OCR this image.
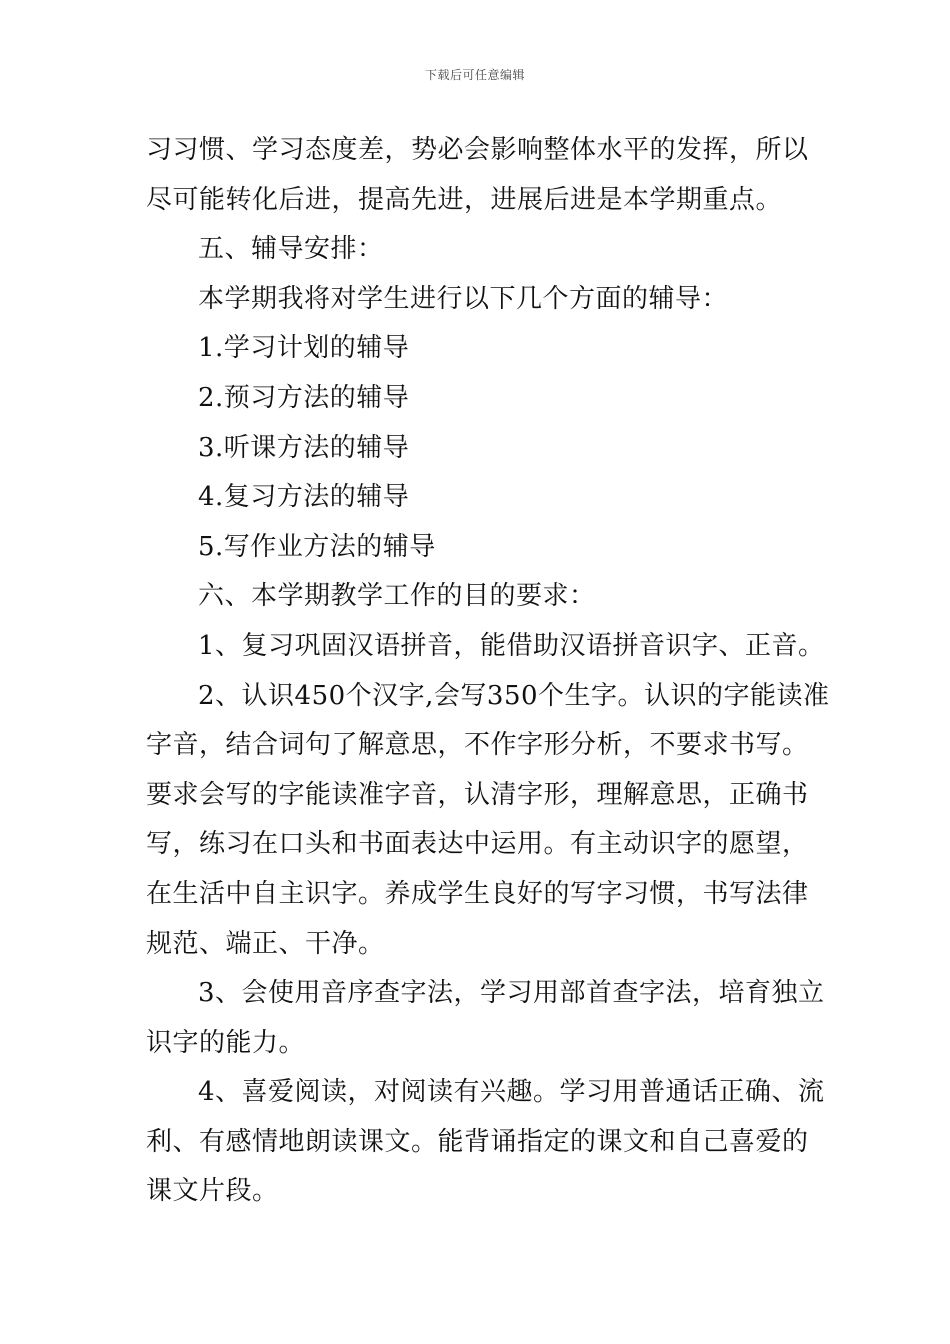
下载后可任意编辑
习习惯、学习态度差，势必会影响整体水平的发挥，所以
尽可能转化后进，提高先进，进展后进是本学期重点。
五、辅导安排：
本学期我将对学生进行以下几个方面的辅导：
1.学习计划的辅导
2.预习方法的辅导
3.听课方法的辅导
4.复习方法的辅导
5.写作业方法的辅导
六、本学期教学工作的目的要求：
1、复习巩固汉语拼音，能借助汉语拼音识字、正音。
2、认识450个汉字,会写350个生字。认识的字能读准
字音，结合词句了解意思，不作字形分析，不要求书写。
要求会写的字能读准字音，认清字形，理解意思，正确书
写，练习在口头和书面表达中运用。有主动识字的愿望，
在生活中自主识字。养成学生良好的写字习惯，书写法律
规范、端正、干净。
3、会使用音序查字法，学习用部首查字法，培育独立
识字的能力。
4、喜爱阅读，对阅读有兴趣。学习用普通话正确、流
利、有感情地朗读课文。能背诵指定的课文和自己喜爱的
课文片段。
